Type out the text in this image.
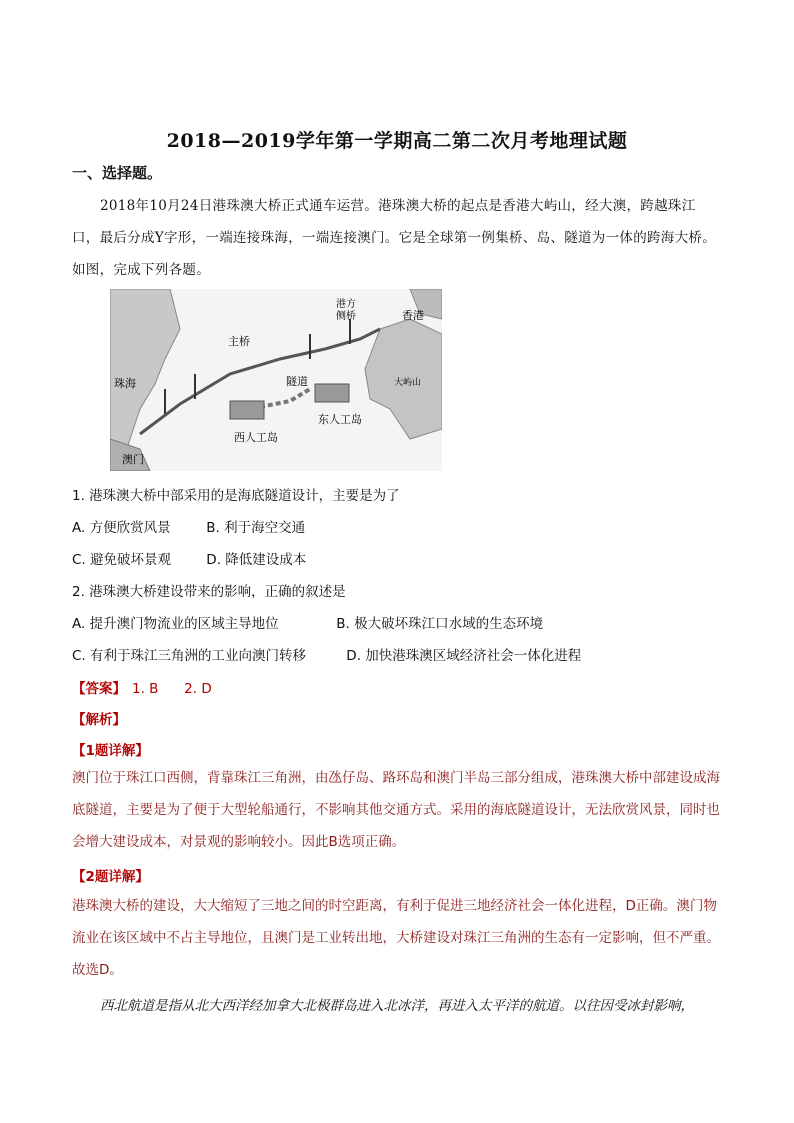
2018—2019学年第一学期高二第二次月考地理试题
一、选择题。
2018年10月24日港珠澳大桥正式通车运营。港珠澳大桥的起点是香港大屿山，经大澳，跨越珠江口，最后分成Y字形，一端连接珠海，一端连接澳门。它是全球第一例集桥、岛、隧道为一体的跨海大桥。如图，完成下列各题。
主桥
港方 侧桥	香港
珠海	隧道	大屿山
东人工岛
西人工岛
澳门
1. 港珠澳大桥中部采用的是海底隧道设计，主要是为了
A. 方便欣赏风景	B. 利于海空交通
C. 避免破坏景观	D. 降低建设成本
2. 港珠澳大桥建设带来的影响，正确的叙述是
A. 提升澳门物流业的区域主导地位	B. 极大破坏珠江口水域的生态环境
C. 有利于珠江三角洲的工业向澳门转移	D. 加快港珠澳区域经济社会一体化进程
【答案】 1. B      2. D
【解析】
【1题详解】
澳门位于珠江口西侧，背靠珠江三角洲，由氹仔岛、路环岛和澳门半岛三部分组成，港珠澳大桥中部建设成海底隧道，主要是为了便于大型轮船通行，不影响其他交通方式。采用的海底隧道设计，无法欣赏风景，同时也会增大建设成本，对景观的影响较小。因此B选项正确。
【2题详解】
港珠澳大桥的建设，大大缩短了三地之间的时空距离，有利于促进三地经济社会一体化进程，D正确。澳门物流业在该区域中不占主导地位，且澳门是工业转出地，大桥建设对珠江三角洲的生态有一定影响，但不严重。故选D。
西北航道是指从北大西洋经加拿大北极群岛进入北冰洋，再进入太平洋的航道。以往因受冰封影响，
